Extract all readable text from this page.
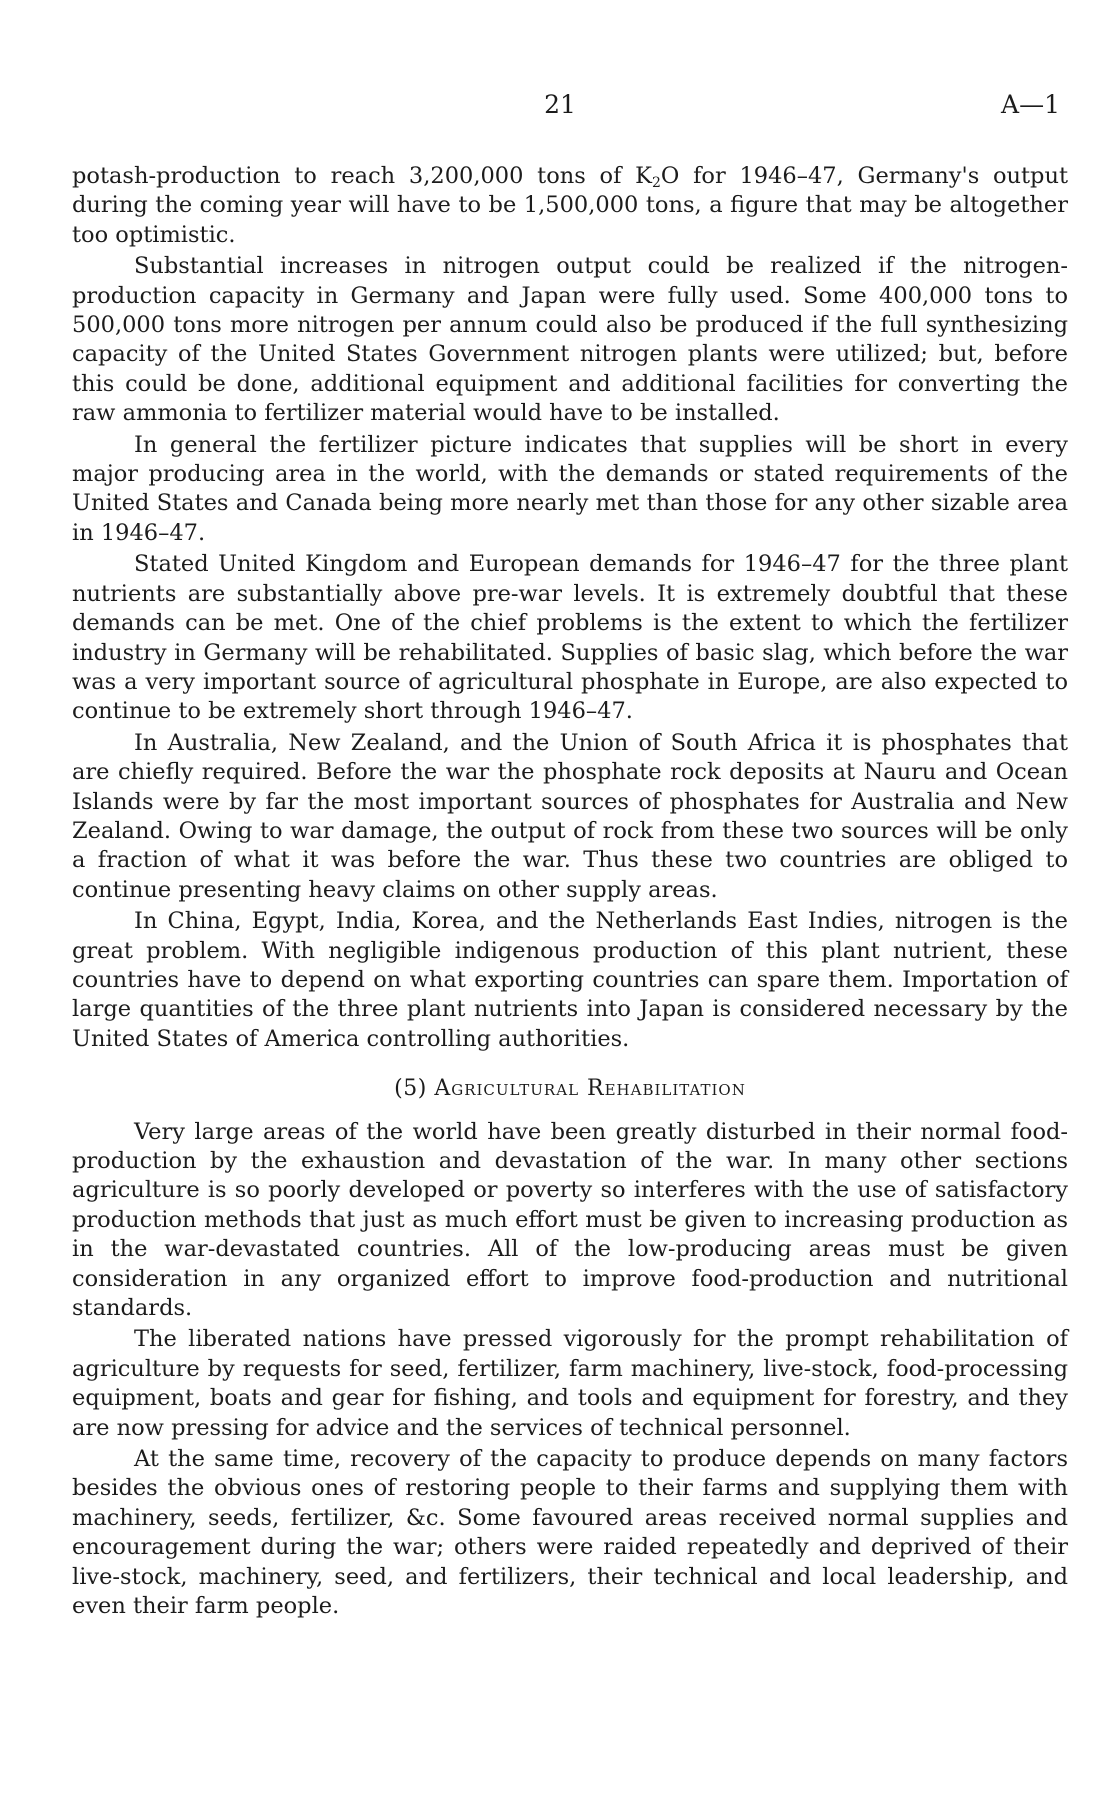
21	A—1

potash-production to reach 3,200,000 tons of $K_2O$ for 1946–47, Germany's output during the coming year will have to be 1,500,000 tons, a figure that may be altogether too optimistic.

Substantial increases in nitrogen output could be realized if the nitrogen-production capacity in Germany and Japan were fully used. Some 400,000 tons to 500,000 tons more nitrogen per annum could also be produced if the full synthesizing capacity of the United States Government nitrogen plants were utilized; but, before this could be done, additional equipment and additional facilities for converting the raw ammonia to fertilizer material would have to be installed.

In general the fertilizer picture indicates that supplies will be short in every major producing area in the world, with the demands or stated requirements of the United States and Canada being more nearly met than those for any other sizable area in 1946–47.

Stated United Kingdom and European demands for 1946–47 for the three plant nutrients are substantially above pre-war levels. It is extremely doubtful that these demands can be met. One of the chief problems is the extent to which the fertilizer industry in Germany will be rehabilitated. Supplies of basic slag, which before the war was a very important source of agricultural phosphate in Europe, are also expected to continue to be extremely short through 1946–47.

In Australia, New Zealand, and the Union of South Africa it is phosphates that are chiefly required. Before the war the phosphate rock deposits at Nauru and Ocean Islands were by far the most important sources of phosphates for Australia and New Zealand. Owing to war damage, the output of rock from these two sources will be only a fraction of what it was before the war. Thus these two countries are obliged to continue presenting heavy claims on other supply areas.

In China, Egypt, India, Korea, and the Netherlands East Indies, nitrogen is the great problem. With negligible indigenous production of this plant nutrient, these countries have to depend on what exporting countries can spare them. Importation of large quantities of the three plant nutrients into Japan is considered necessary by the United States of America controlling authorities.

(5) Agricultural Rehabilitation

Very large areas of the world have been greatly disturbed in their normal food-production by the exhaustion and devastation of the war. In many other sections agriculture is so poorly developed or poverty so interferes with the use of satisfactory production methods that just as much effort must be given to increasing production as in the war-devastated countries. All of the low-producing areas must be given consideration in any organized effort to improve food-production and nutritional standards.

The liberated nations have pressed vigorously for the prompt rehabilitation of agriculture by requests for seed, fertilizer, farm machinery, live-stock, food-processing equipment, boats and gear for fishing, and tools and equipment for forestry, and they are now pressing for advice and the services of technical personnel.

At the same time, recovery of the capacity to produce depends on many factors besides the obvious ones of restoring people to their farms and supplying them with machinery, seeds, fertilizer, &c. Some favoured areas received normal supplies and encouragement during the war; others were raided repeatedly and deprived of their live-stock, machinery, seed, and fertilizers, their technical and local leadership, and even their farm people.
